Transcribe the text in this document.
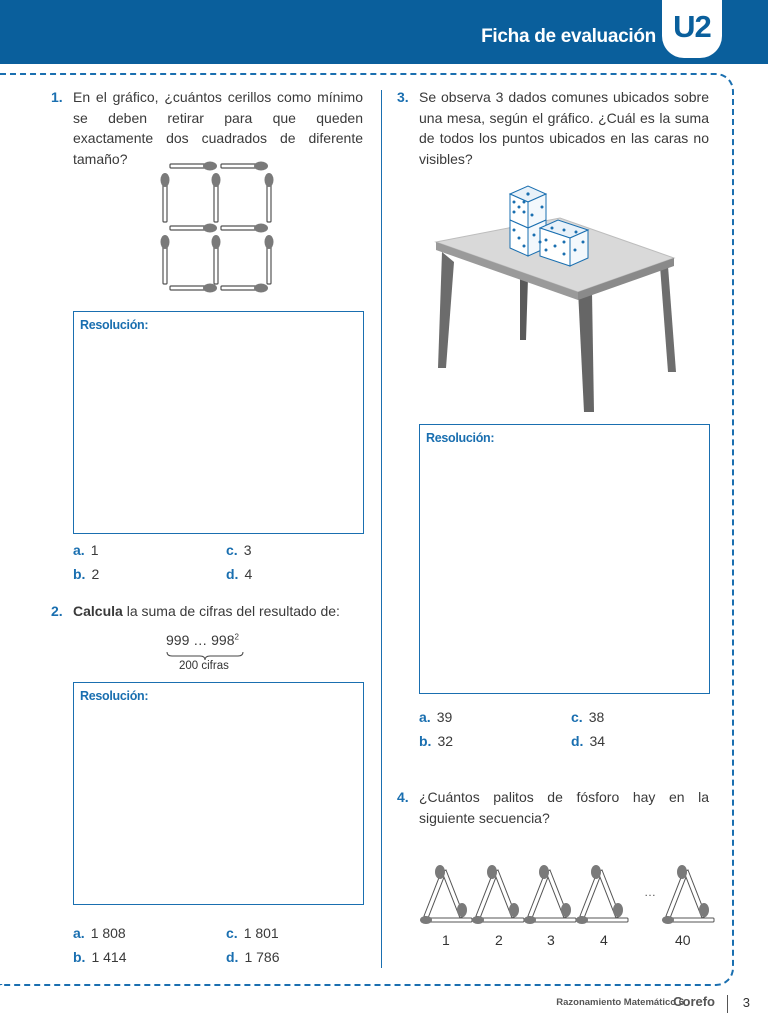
Ficha de evaluación U2
1. En el gráfico, ¿cuántos cerillos como mínimo se deben retirar para que queden exactamente dos cuadrados de diferente tamaño?
Resolución:
a. 1
b. 2
c. 3
d. 4
2. Calcula la suma de cifras del resultado de:
999 … $998^2$
200 cifras
Resolución:
a. 1 808
b. 1 414
c. 1 801
d. 1 786
3. Se observa 3 dados comunes ubicados sobre una mesa, según el gráfico. ¿Cuál es la suma de todos los puntos ubicados en las caras no visibles?
Resolución:
a. 39
b. 32
c. 38
d. 34
4. ¿Cuántos palitos de fósforo hay en la siguiente secuencia?
…
1	2	3	4	40
Razonamiento Matemático 6
Corefo 3
